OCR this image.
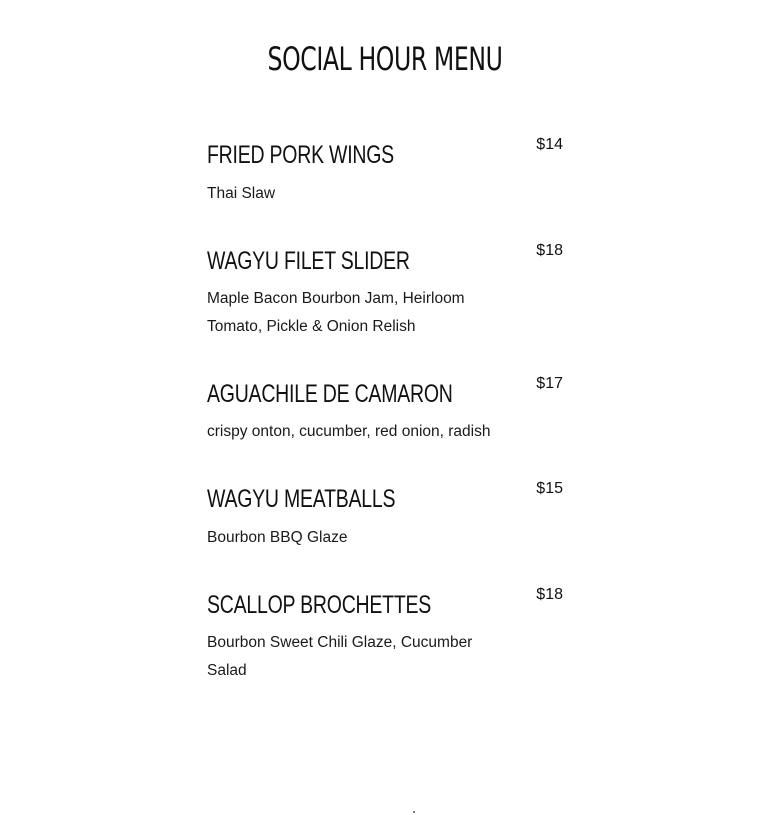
SOCIAL HOUR MENU
FRIED PORK WINGS	$14
Thai Slaw
WAGYU FILET SLIDER	$18
Maple Bacon Bourbon Jam, Heirloom Tomato, Pickle & Onion Relish
AGUACHILE DE CAMARON	$17
crispy onton, cucumber, red onion, radish
WAGYU MEATBALLS	$15
Bourbon BBQ Glaze
SCALLOP BROCHETTES	$18
Bourbon Sweet Chili Glaze, Cucumber Salad
